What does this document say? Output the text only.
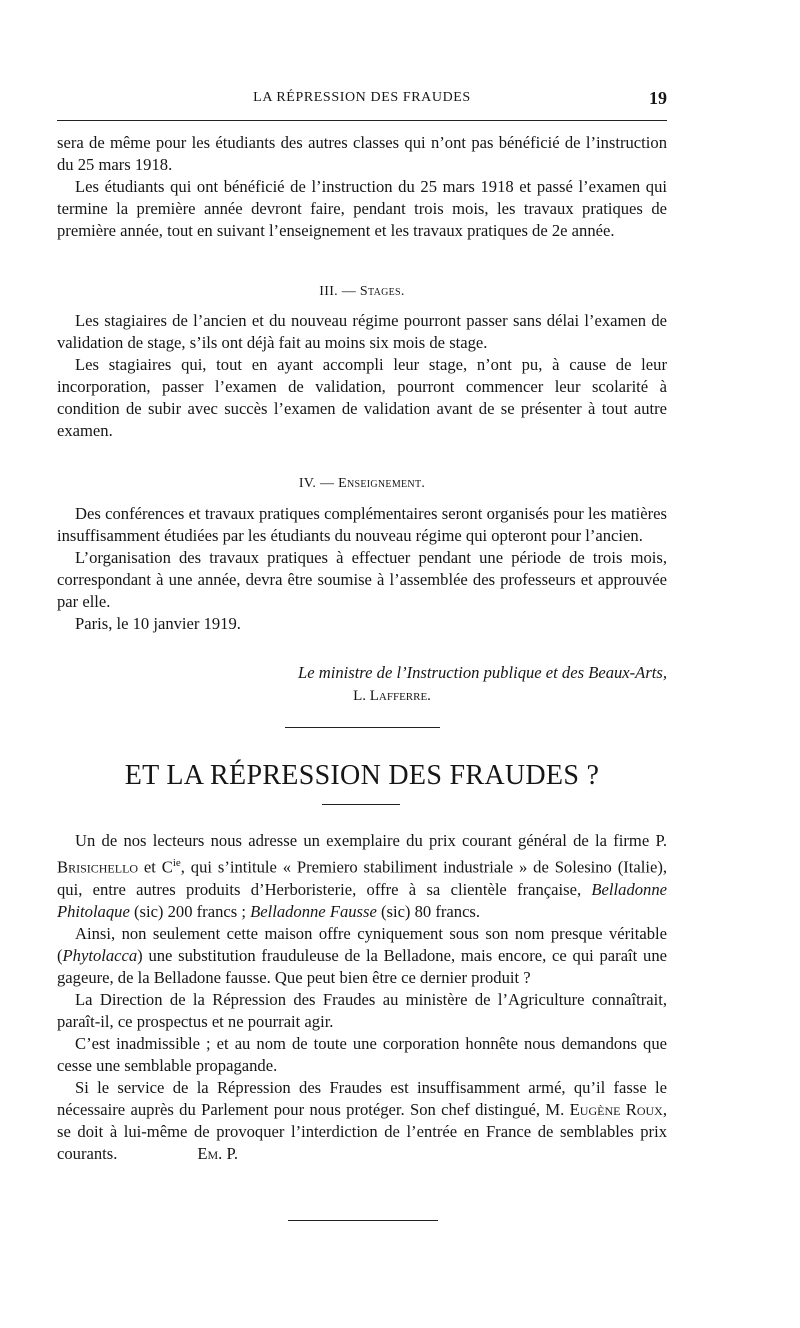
LA RÉPRESSION DES FRAUDES	19

sera de même pour les étudiants des autres classes qui n’ont pas bénéficié de l’instruction du 25 mars 1918.

Les étudiants qui ont bénéficié de l’instruction du 25 mars 1918 et passé l’examen qui termine la première année devront faire, pendant trois mois, les travaux pratiques de première année, tout en suivant l’enseignement et les travaux pratiques de 2e année.

III. — Stages.

Les stagiaires de l’ancien et du nouveau régime pourront passer sans délai l’examen de validation de stage, s’ils ont déjà fait au moins six mois de stage.

Les stagiaires qui, tout en ayant accompli leur stage, n’ont pu, à cause de leur incorporation, passer l’examen de validation, pourront commencer leur scolarité à condition de subir avec succès l’examen de validation avant de se présenter à tout autre examen.

IV. — Enseignement.

Des conférences et travaux pratiques complémentaires seront organisés pour les matières insuffisamment étudiées par les étudiants du nouveau régime qui opteront pour l’ancien.

L’organisation des travaux pratiques à effectuer pendant une période de trois mois, correspondant à une année, devra être soumise à l’assemblée des professeurs et approuvée par elle.

Paris, le 10 janvier 1919.

Le ministre de l’Instruction publique et des Beaux-Arts,
L. Lafferre.
ET LA RÉPRESSION DES FRAUDES ?

Un de nos lecteurs nous adresse un exemplaire du prix courant général de la firme P. Brisichello et $C^{ie}$, qui s’intitule « Premiero stabiliment industriale » de Solesino (Italie), qui, entre autres produits d’Herboristerie, offre à sa clientèle française, Belladonne Phitolaque (sic) 200 francs ; Belladonne Fausse (sic) 80 francs.

Ainsi, non seulement cette maison offre cyniquement sous son nom presque véritable (Phytolacca) une substitution frauduleuse de la Belladone, mais encore, ce qui paraît une gageure, de la Belladone fausse. Que peut bien être ce dernier produit ?

La Direction de la Répression des Fraudes au ministère de l’Agriculture connaîtrait, paraît-il, ce prospectus et ne pourrait agir.

C’est inadmissible ; et au nom de toute une corporation honnête nous demandons que cesse une semblable propagande.

Si le service de la Répression des Fraudes est insuffisamment armé, qu’il fasse le nécessaire auprès du Parlement pour nous protéger. Son chef distingué, M. Eugène Roux, se doit à lui-même de provoquer l’interdiction de l’entrée en France de semblables prix courants.	Em. P.
